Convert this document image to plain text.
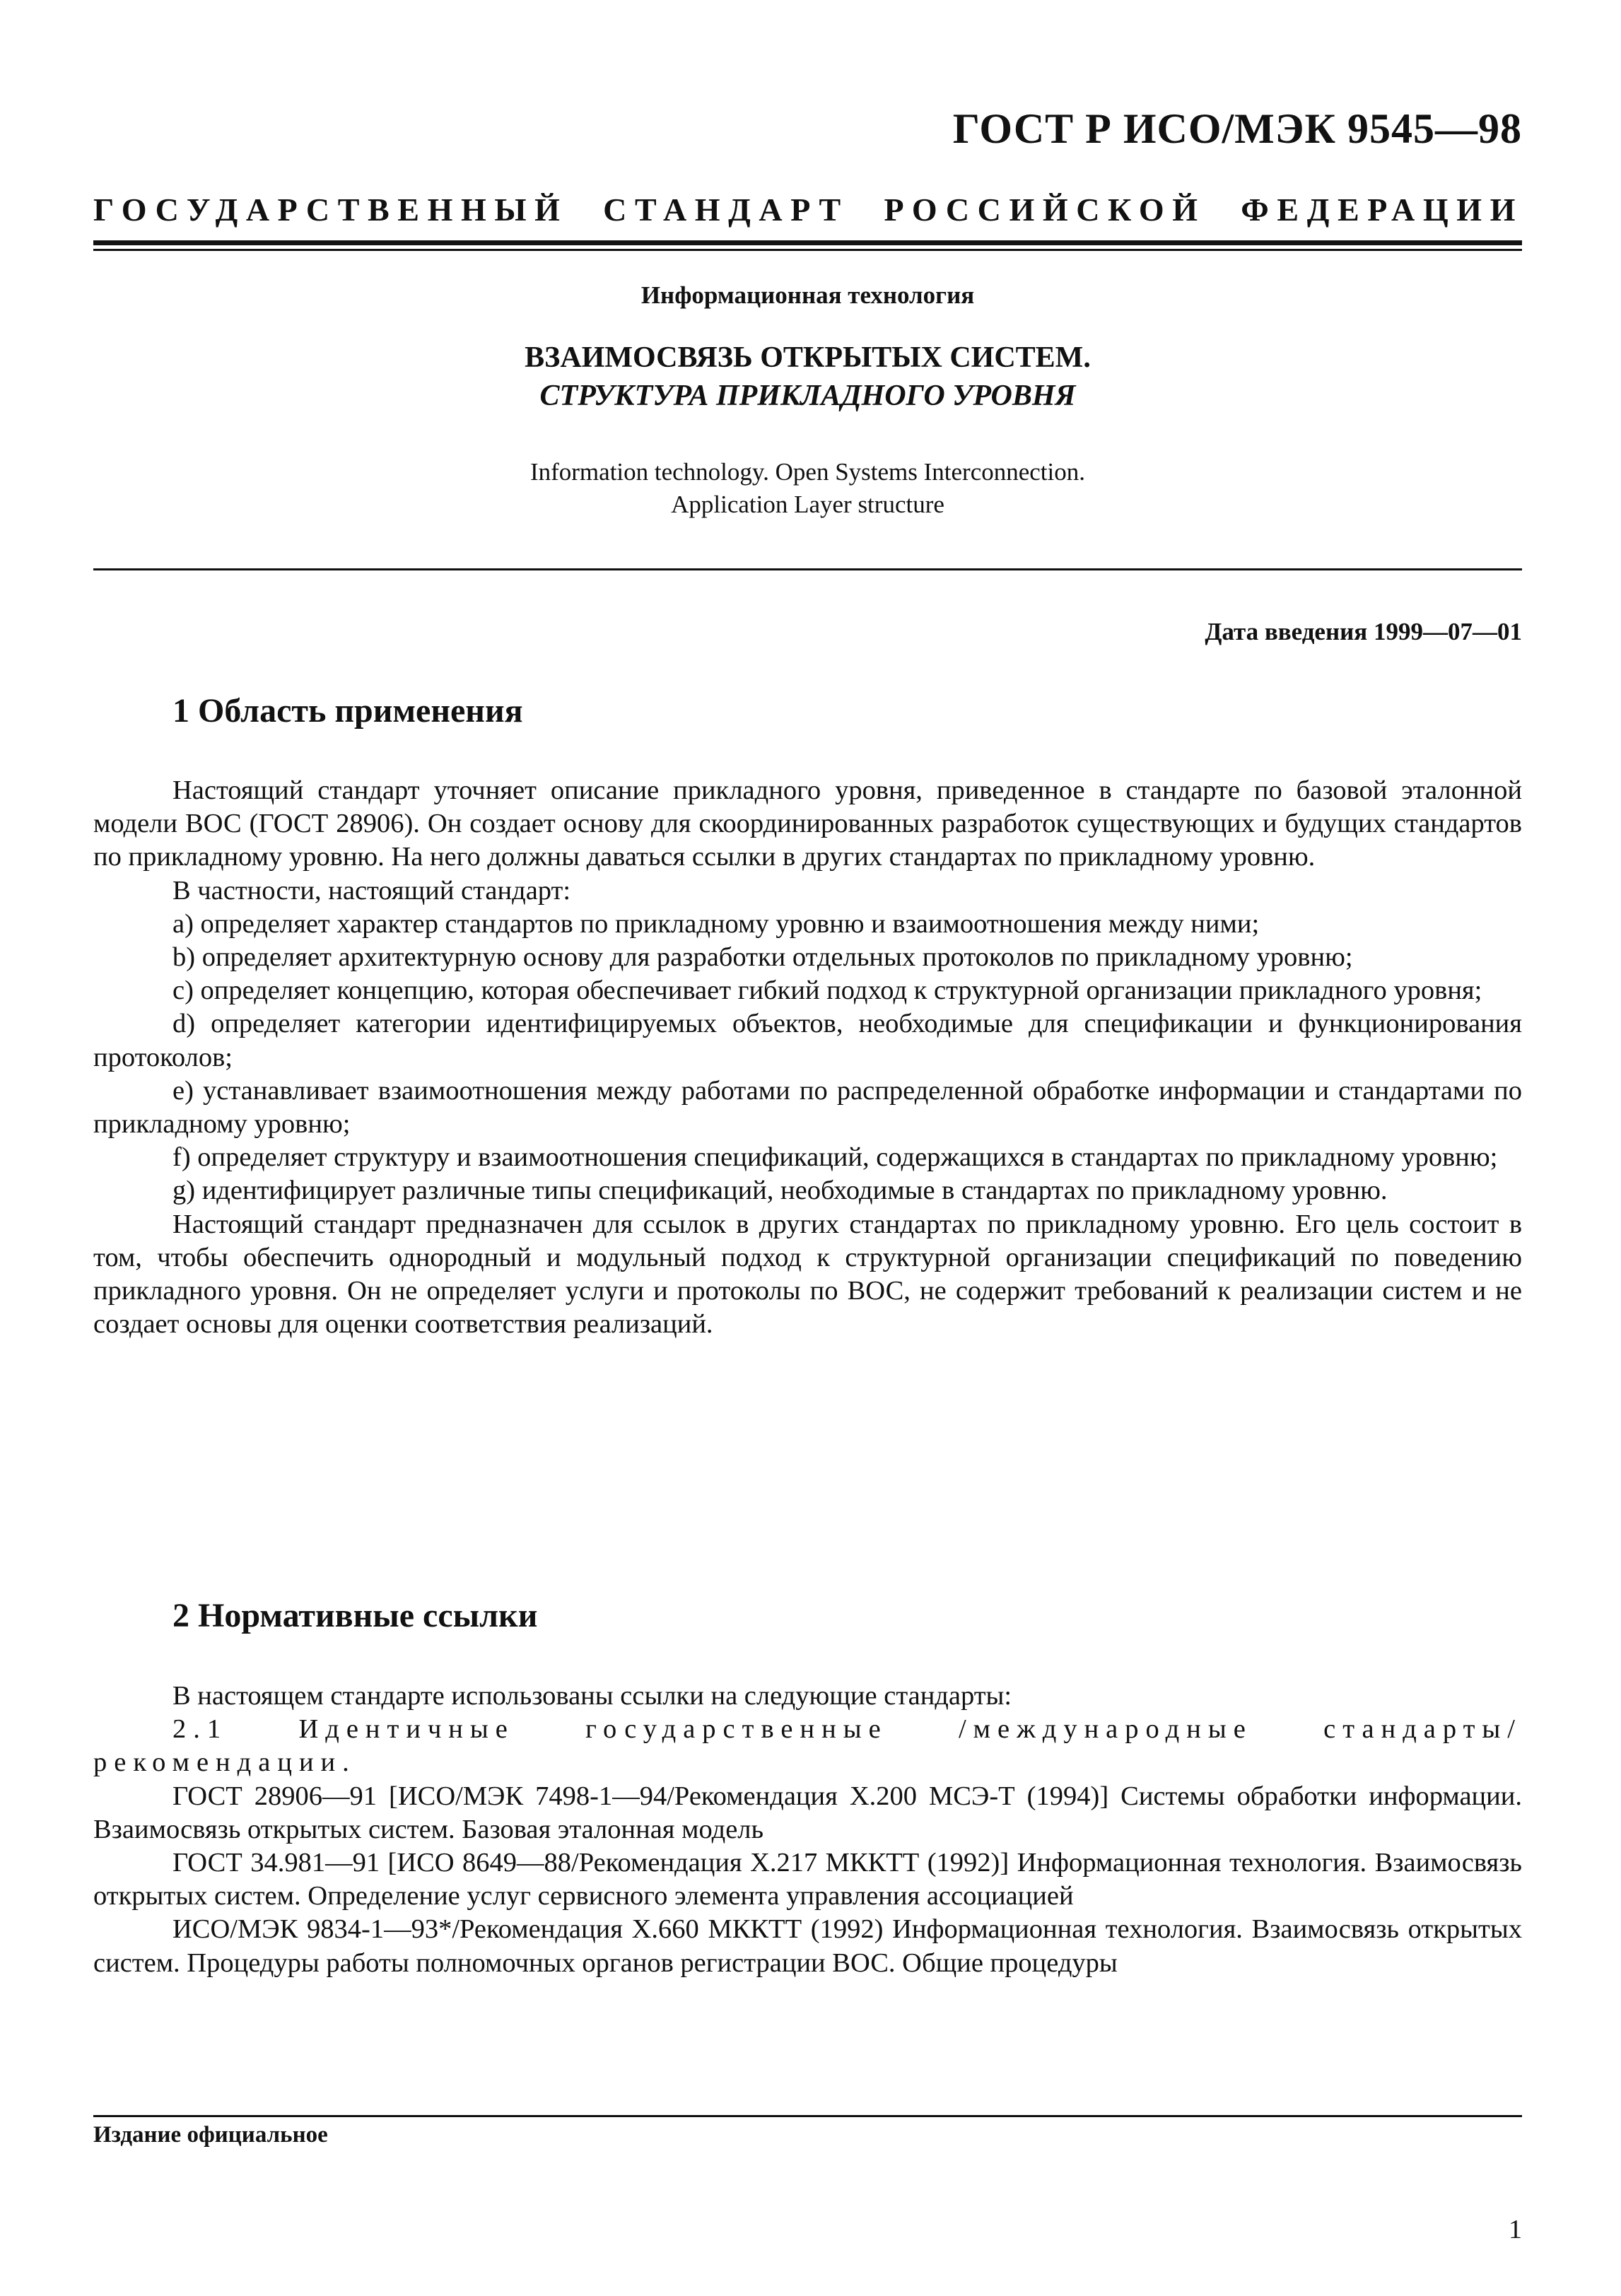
ГОСТ Р ИСО/МЭК 9545—98
ГОСУДАРСТВЕННЫЙ СТАНДАРТ РОССИЙСКОЙ ФЕДЕРАЦИИ
Информационная технология
ВЗАИМОСВЯЗЬ ОТКРЫТЫХ СИСТЕМ.
СТРУКТУРА ПРИКЛАДНОГО УРОВНЯ
Information technology. Open Systems Interconnection.
Application Layer structure
Дата введения 1999—07—01
1 Область применения

Настоящий стандарт уточняет описание прикладного уровня, приведенное в стандарте по базовой эталонной модели ВОС (ГОСТ 28906). Он создает основу для скоординированных разработок существующих и будущих стандартов по прикладному уровню. На него должны даваться ссылки в других стандартах по прикладному уровню.

В частности, настоящий стандарт:

a) определяет характер стандартов по прикладному уровню и взаимоотношения между ними;

b) определяет архитектурную основу для разработки отдельных протоколов по прикладному уровню;

c) определяет концепцию, которая обеспечивает гибкий подход к структурной организации прикладного уровня;

d) определяет категории идентифицируемых объектов, необходимые для спецификации и функционирования протоколов;

e) устанавливает взаимоотношения между работами по распределенной обработке информации и стандартами по прикладному уровню;

f) определяет структуру и взаимоотношения спецификаций, содержащихся в стандартах по прикладному уровню;

g) идентифицирует различные типы спецификаций, необходимые в стандартах по прикладному уровню.

Настоящий стандарт предназначен для ссылок в других стандартах по прикладному уровню. Его цель состоит в том, чтобы обеспечить однородный и модульный подход к структурной организации спецификаций по поведению прикладного уровня. Он не определяет услуги и протоколы по ВОС, не содержит требований к реализации систем и не создает основы для оценки соответствия реализаций.

2 Нормативные ссылки

В настоящем стандарте использованы ссылки на следующие стандарты:

2.1 Идентичные государственные /международные стандарты/ рекомендации.

ГОСТ 28906—91 [ИСО/МЭК 7498-1—94/Рекомендация X.200 МСЭ-Т (1994)] Системы обработки информации. Взаимосвязь открытых систем. Базовая эталонная модель

ГОСТ 34.981—91 [ИСО 8649—88/Рекомендация X.217 МККТТ (1992)] Информационная технология. Взаимосвязь открытых систем. Определение услуг сервисного элемента управления ассоциацией

ИСО/МЭК 9834-1—93*/Рекомендация X.660 МККТТ (1992) Информационная технология. Взаимосвязь открытых систем. Процедуры работы полномочных органов регистрации ВОС. Общие процедуры

Издание официальное
1
